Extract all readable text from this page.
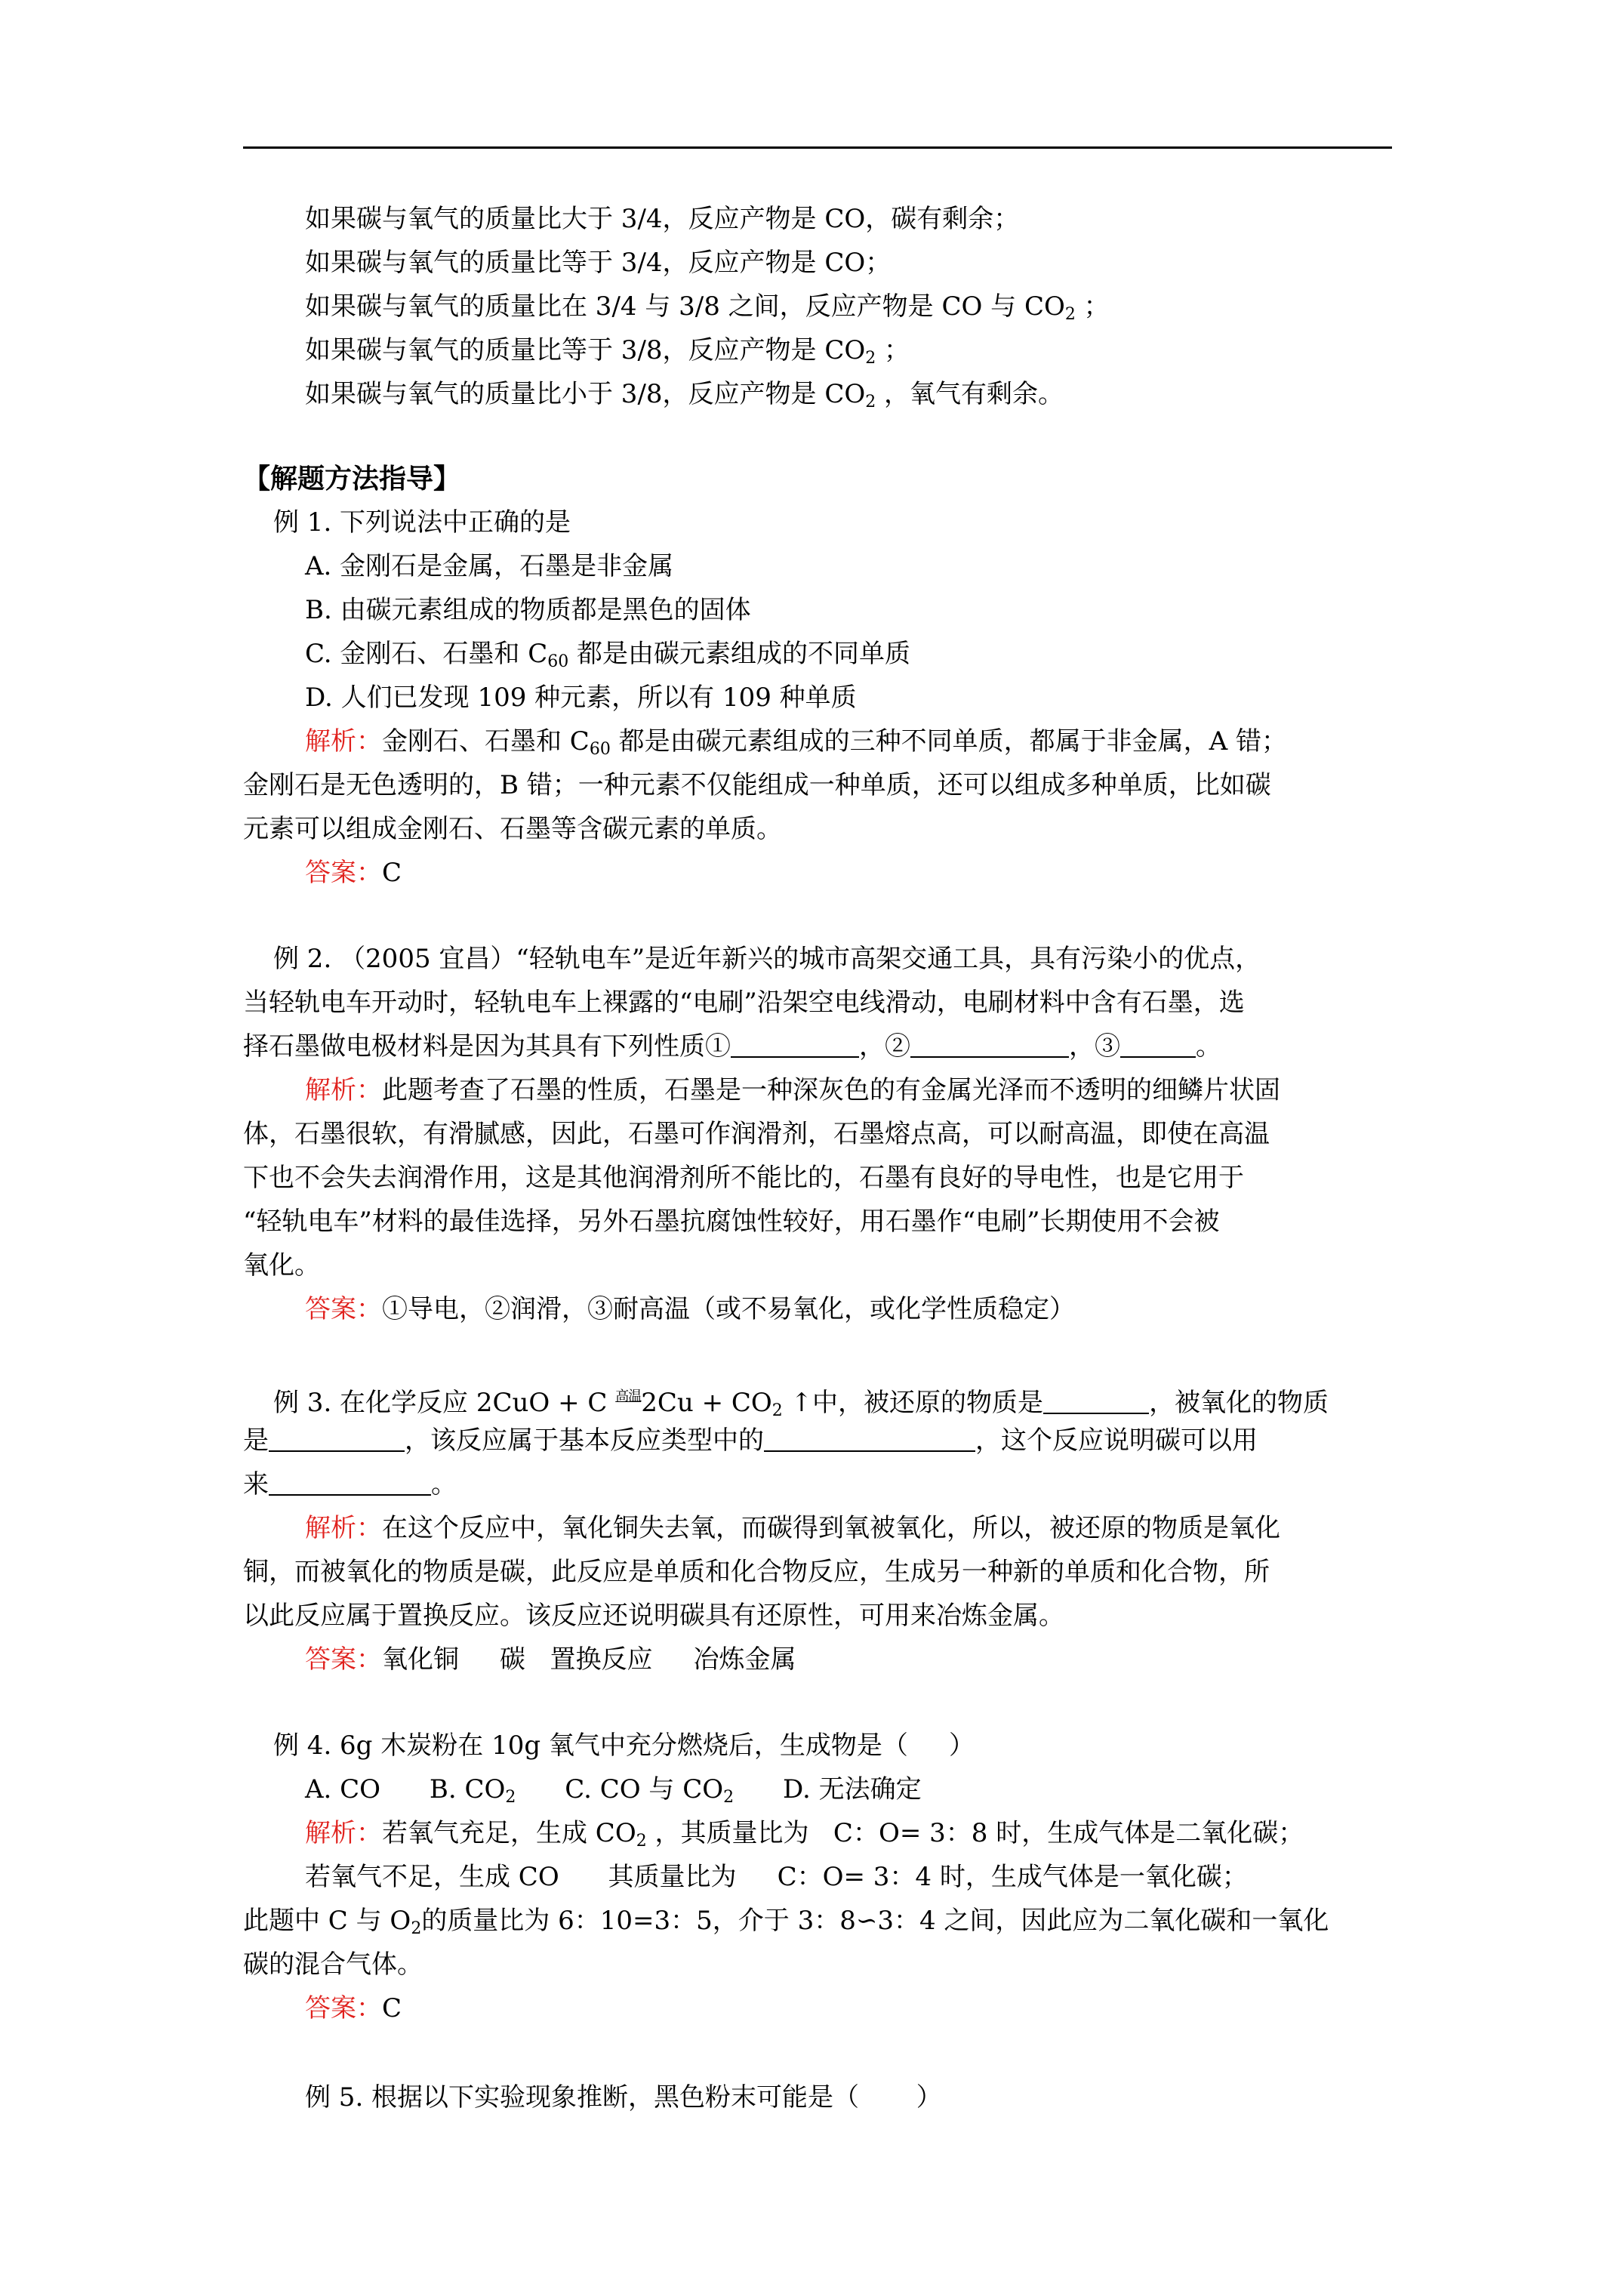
如果碳与氧气的质量比大于 3/4，反应产物是 CO，碳有剩余；
如果碳与氧气的质量比等于 3/4，反应产物是 CO；
如果碳与氧气的质量比在 3/4 与 3/8 之间，反应产物是 CO 与 $CO_2$ ；
如果碳与氧气的质量比等于 3/8，反应产物是 $CO_2$ ；
如果碳与氧气的质量比小于 3/8，反应产物是 $CO_2$ ，氧气有剩余。
【解题方法指导】
例 1. 下列说法中正确的是
A. 金刚石是金属，石墨是非金属
B. 由碳元素组成的物质都是黑色的固体
C. 金刚石、石墨和 $C_{60}$ 都是由碳元素组成的不同单质
D. 人们已发现 109 种元素，所以有 109 种单质
解析：金刚石、石墨和 $C_{60}$ 都是由碳元素组成的三种不同单质，都属于非金属，A 错；
金刚石是无色透明的，B 错；一种元素不仅能组成一种单质，还可以组成多种单质，比如碳
元素可以组成金刚石、石墨等含碳元素的单质。
答案：C
例 2. （2005 宜昌）“轻轨电车”是近年新兴的城市高架交通工具，具有污染小的优点，
当轻轨电车开动时，轻轨电车上裸露的“电刷”沿架空电线滑动，电刷材料中含有石墨，选
择石墨做电极材料是因为其具有下列性质①	，②	，③	。
解析：此题考查了石墨的性质，石墨是一种深灰色的有金属光泽而不透明的细鳞片状固
体，石墨很软，有滑腻感，因此，石墨可作润滑剂，石墨熔点高，可以耐高温，即使在高温
下也不会失去润滑作用，这是其他润滑剂所不能比的，石墨有良好的导电性，也是它用于
“轻轨电车”材料的最佳选择，另外石墨抗腐蚀性较好，用石墨作“电刷”长期使用不会被
氧化。
答案：①导电，②润滑，③耐高温（或不易氧化，或化学性质稳定）
例 3. 在化学反应 2CuO + C $^{高温}2Cu + CO_2$ ↑中，被还原的物质是	，被氧化的物质
是	，该反应属于基本反应类型中的	，这个反应说明碳可以用
来	。
解析：在这个反应中，氧化铜失去氧，而碳得到氧被氧化，所以，被还原的物质是氧化
铜，而被氧化的物质是碳，此反应是单质和化合物反应，生成另一种新的单质和化合物，所
以此反应属于置换反应。该反应还说明碳具有还原性，可用来冶炼金属。
答案：氧化铜     碳   置换反应     冶炼金属
例 4. 6g 木炭粉在 10g 氧气中充分燃烧后，生成物是（     ）
A. CO B. $CO_2$ C. CO 与 $CO_2$ D. 无法确定
解析：若氧气充足，生成 $CO_2$ ，其质量比为   C：O= 3：8 时，生成气体是二氧化碳；
若氧气不足，生成 CO      其质量比为     C：O= 3：4 时，生成气体是一氧化碳；
此题中 C 与 $O_2$的质量比为 6：10=3：5，介于 3：8∽3：4 之间，因此应为二氧化碳和一氧化
碳的混合气体。
答案：C
例 5. 根据以下实验现象推断，黑色粉末可能是（       ）
